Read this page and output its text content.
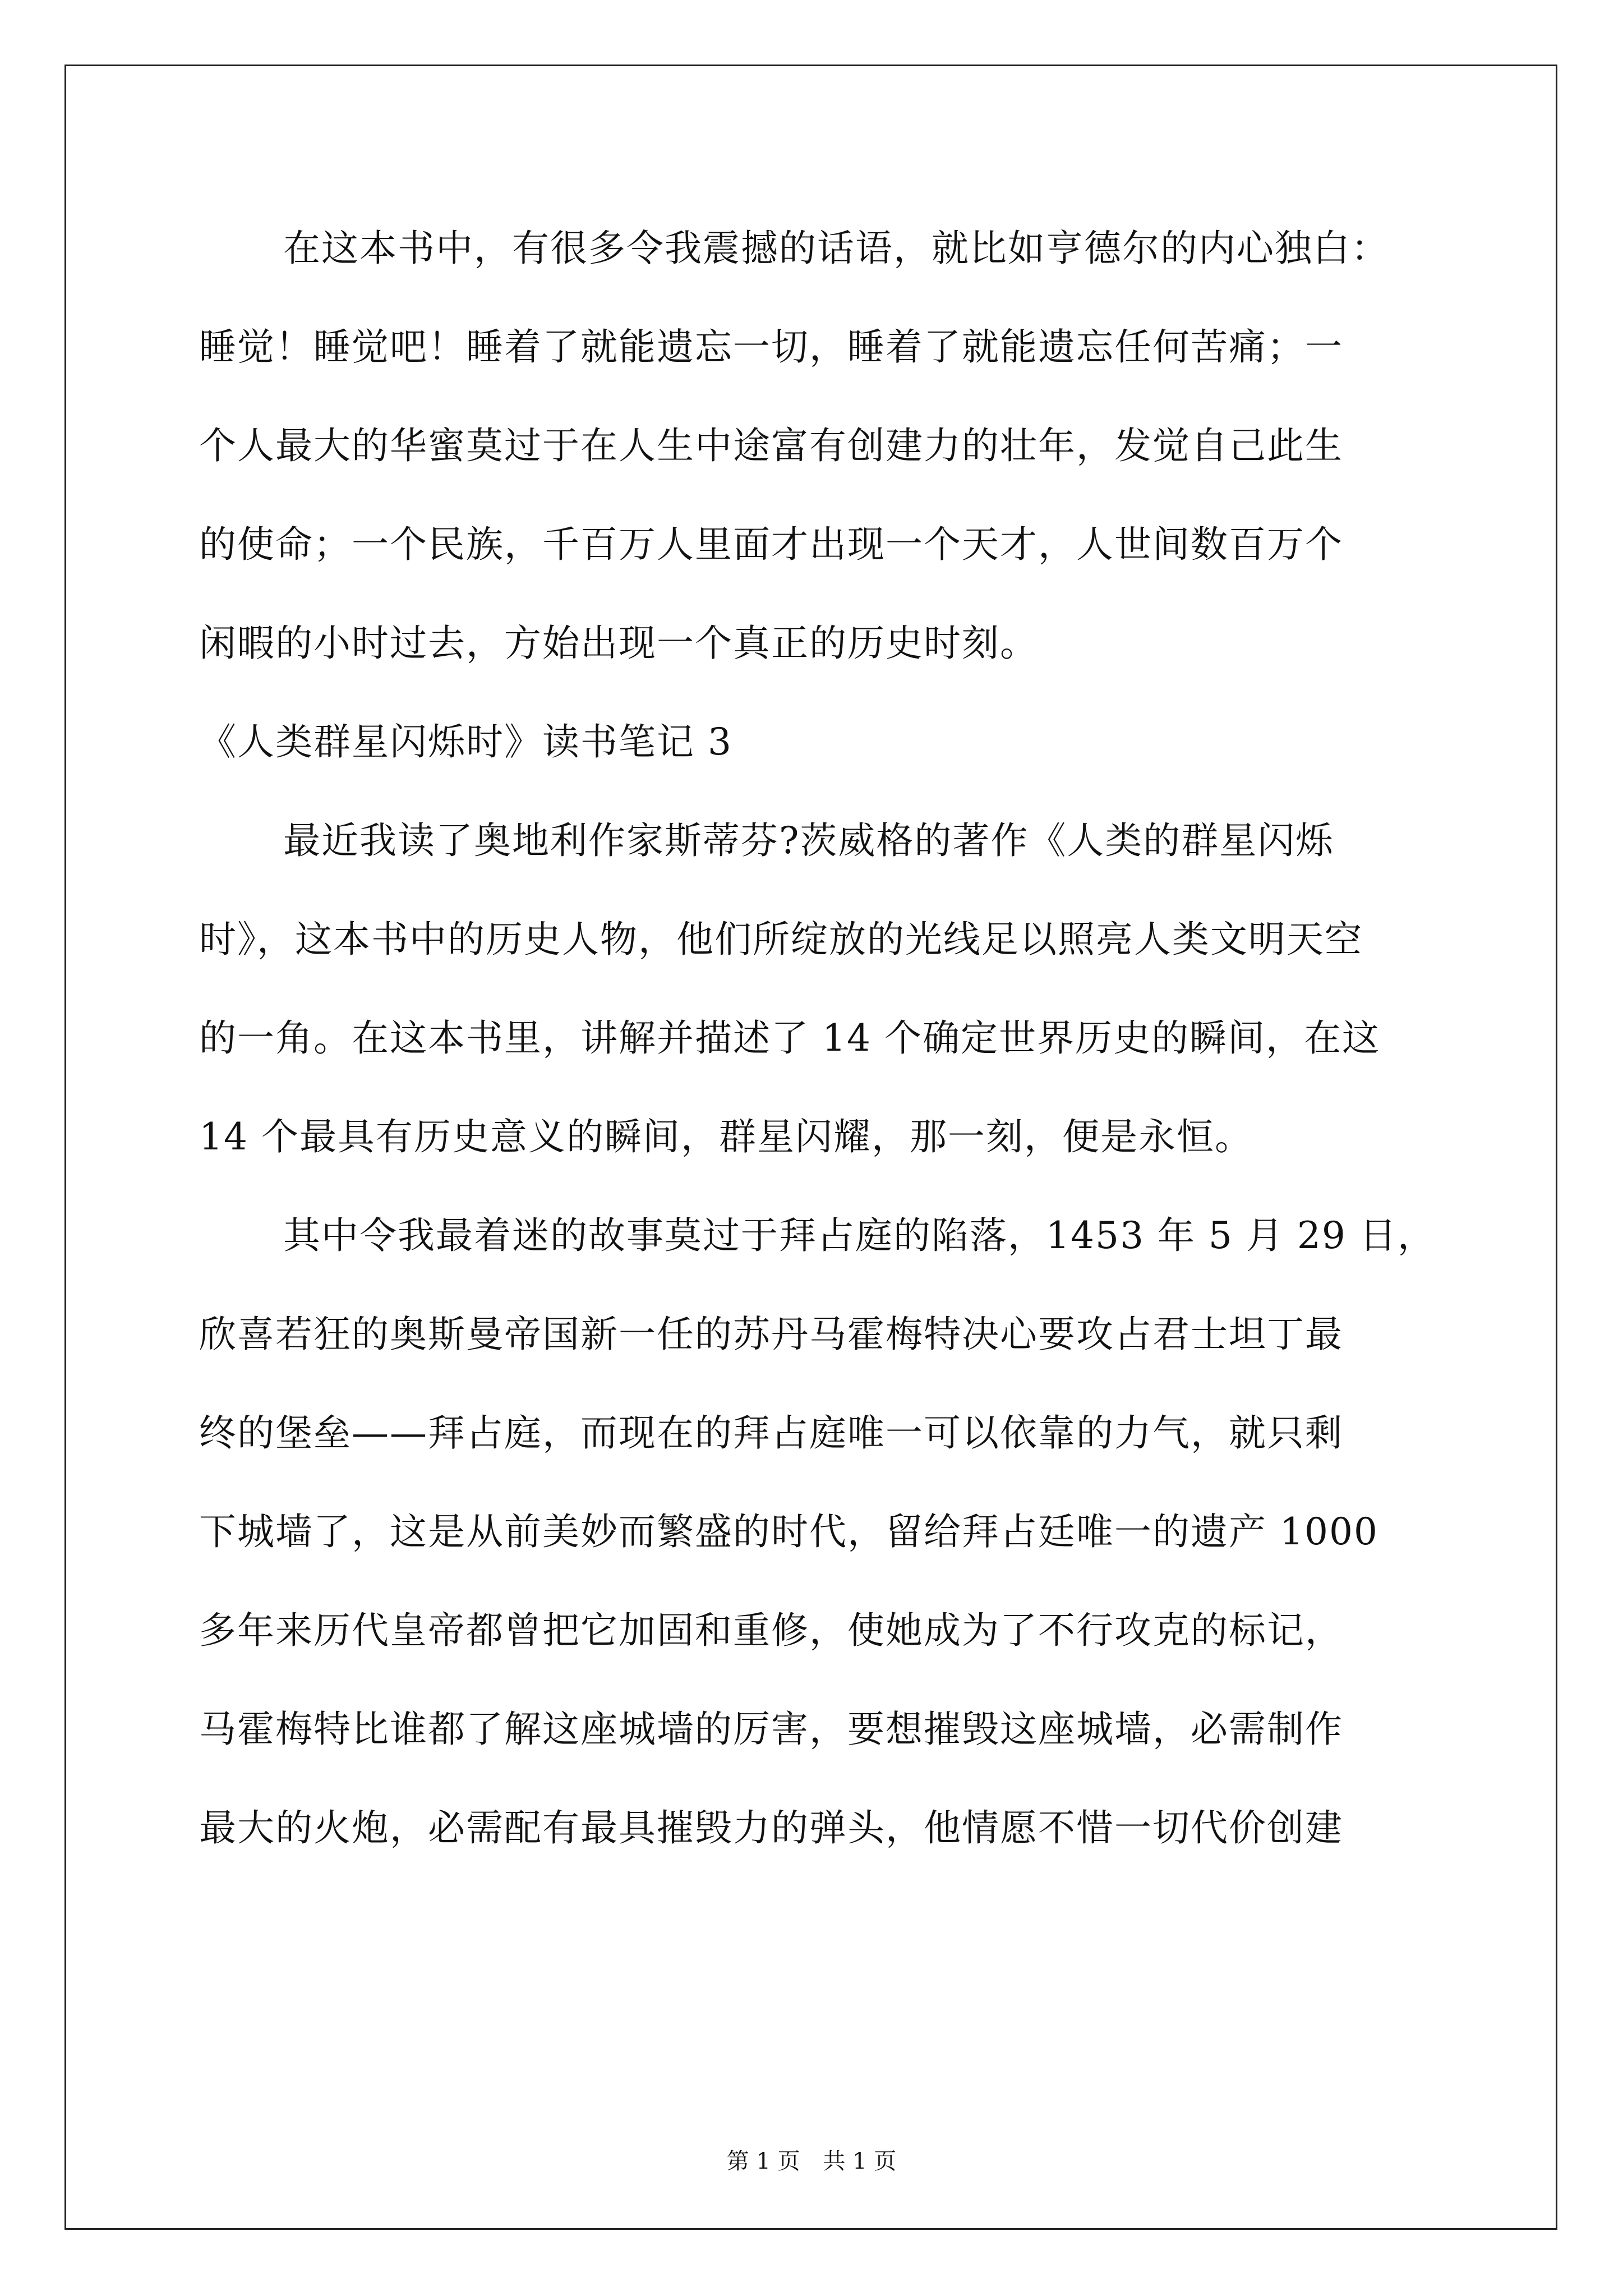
在这本书中，有很多令我震撼的话语，就比如亨德尔的内心独白：
睡觉！睡觉吧！睡着了就能遗忘一切，睡着了就能遗忘任何苦痛；一
个人最大的华蜜莫过于在人生中途富有创建力的壮年，发觉自己此生
的使命；一个民族，千百万人里面才出现一个天才，人世间数百万个
闲暇的小时过去，方始出现一个真正的历史时刻。
《人类群星闪烁时》读书笔记 3
最近我读了奥地利作家斯蒂芬?茨威格的著作《人类的群星闪烁
时》，这本书中的历史人物，他们所绽放的光线足以照亮人类文明天空
的一角。在这本书里，讲解并描述了 14 个确定世界历史的瞬间，在这
14 个最具有历史意义的瞬间，群星闪耀，那一刻，便是永恒。
其中令我最着迷的故事莫过于拜占庭的陷落，1453 年 5 月 29 日，
欣喜若狂的奥斯曼帝国新一任的苏丹马霍梅特决心要攻占君士坦丁最
终的堡垒——拜占庭，而现在的拜占庭唯一可以依靠的力气，就只剩
下城墙了，这是从前美妙而繁盛的时代，留给拜占廷唯一的遗产 1000
多年来历代皇帝都曾把它加固和重修，使她成为了不行攻克的标记，
马霍梅特比谁都了解这座城墙的厉害，要想摧毁这座城墙，必需制作
最大的火炮，必需配有最具摧毁力的弹头，他情愿不惜一切代价创建
第 1 页 共 1 页
